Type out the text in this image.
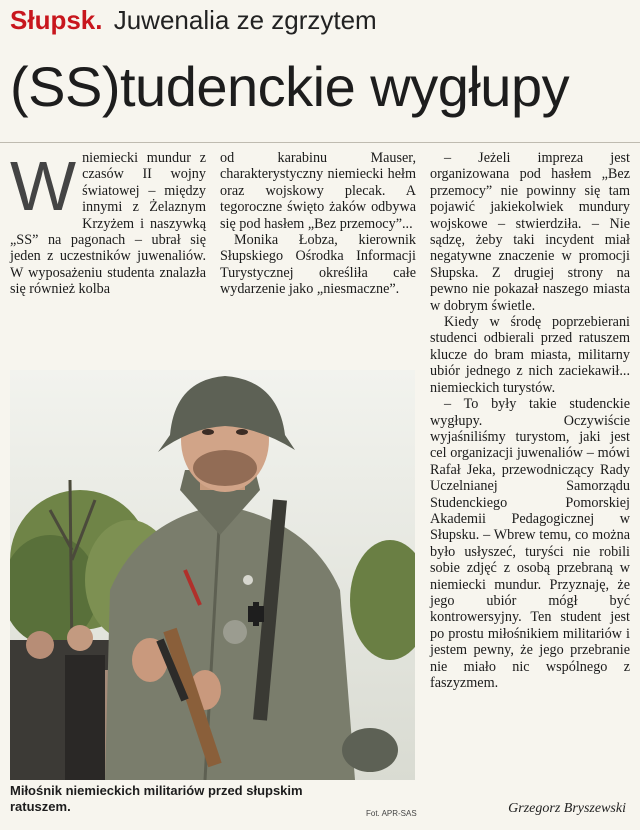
Słupsk. Juwenalia ze zgrzytem
(SS)tudenckie wygłupy
W niemiecki mundur z czasów II wojny światowej – między innymi z Żelaznym Krzyżem i naszywką „SS” na pagonach – ubrał się jeden z uczestników juwenaliów. W wyposażeniu studenta znalazła się również kolba

od karabinu Mauser, charakterystyczny niemiecki hełm oraz wojskowy plecak. A tegoroczne święto żaków odbywa się pod hasłem „Bez przemocy”...

Monika Łobza, kierownik Słupskiego Ośrodka Informacji Turystycznej określiła całe wydarzenie jako „niesmaczne”.

– Jeżeli impreza jest organizowana pod hasłem „Bez przemocy” nie powinny się tam pojawić jakiekolwiek mundury wojskowe – stwierdziła. – Nie sądzę, żeby taki incydent miał negatywne znaczenie w promocji Słupska. Z drugiej strony na pewno nie pokazał naszego miasta w dobrym świetle.

Kiedy w środę poprzebierani studenci odbierali przed ratuszem klucze do bram miasta, militarny ubiór jednego z nich zaciekawił... niemieckich turystów.

– To były takie studenckie wygłupy. Oczywiście wyjaśniliśmy turystom, jaki jest cel organizacji juwenaliów – mówi Rafał Jeka, przewodniczący Rady Uczelnianej Samorządu Studenckiego Pomorskiej Akademii Pedagogicznej w Słupsku. – Wbrew temu, co można było usłyszeć, turyści nie robili sobie zdjęć z osobą przebraną w niemiecki mundur. Przyznaję, że jego ubiór mógł być kontrowersyjny. Ten student jest po prostu miłośnikiem militariów i jestem pewny, że jego przebranie nie miało nic wspólnego z faszyzmem.

Miłośnik niemieckich militariów przed słupskim ratuszem.	Fot. APR-SAS	Grzegorz Bryszewski
